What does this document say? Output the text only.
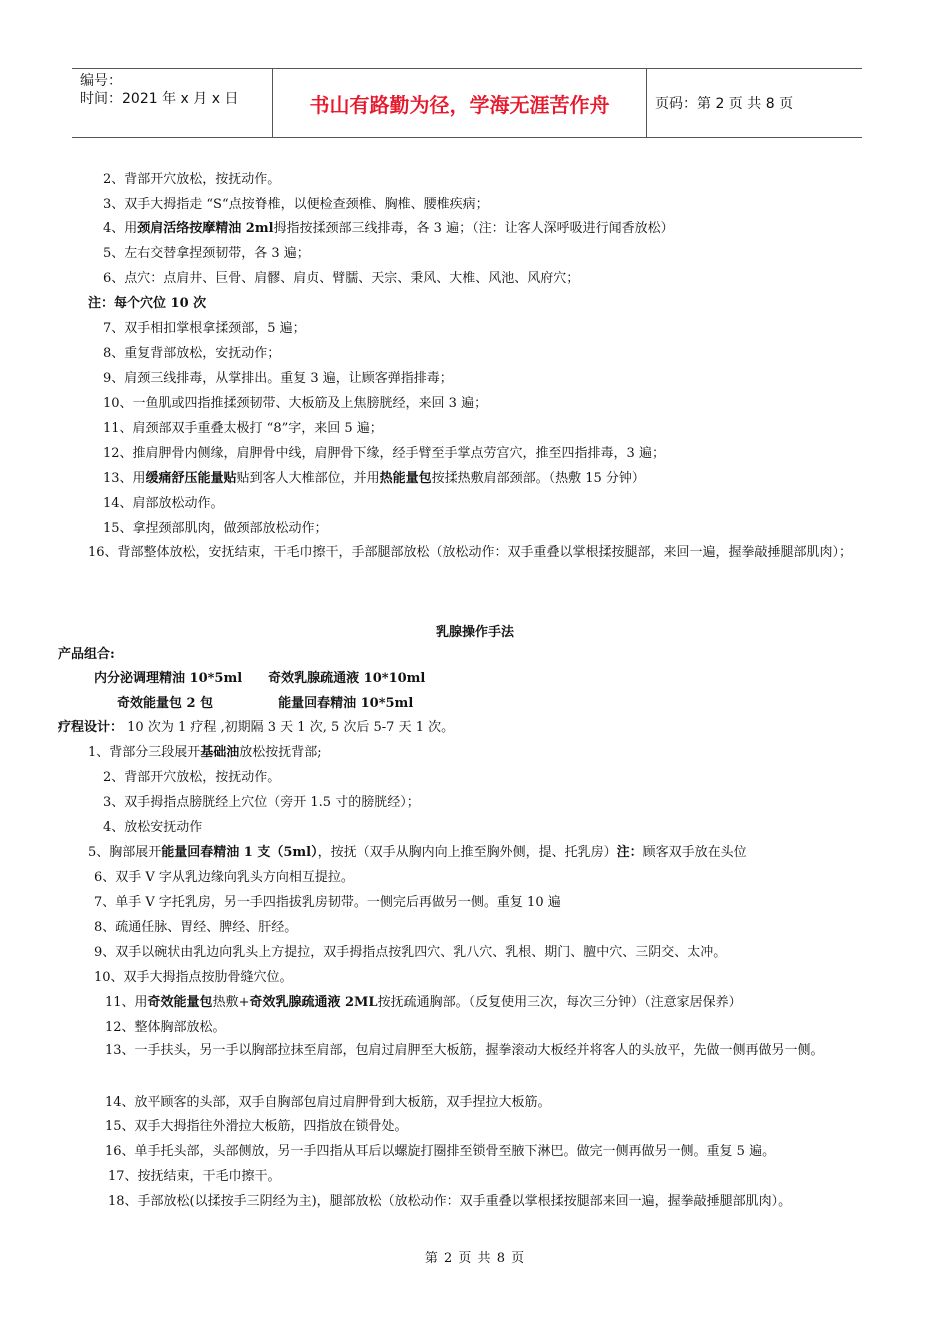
编号：
时间：2021 年 x 月 x 日	书山有路勤为径，学海无涯苦作舟	页码：第 2 页 共 8 页
2、背部开穴放松，按抚动作。
3、双手大拇指走 “S“点按脊椎，以便检查颈椎、胸椎、腰椎疾病；
4、用颈肩活络按摩精油 2ml拇指按揉颈部三线排毒，各 3 遍；（注：让客人深呼吸进行闻香放松）
5、左右交替拿捏颈韧带，各 3 遍；
6、点穴：点肩井、巨骨、肩髎、肩贞、臂臑、天宗、秉风、大椎、风池、风府穴；
注：每个穴位 10 次
7、双手相扣掌根拿揉颈部，5 遍；
8、重复背部放松，安抚动作；
9、肩颈三线排毒，从掌排出。重复 3 遍，让顾客弹指排毒；
10、一鱼肌或四指推揉颈韧带、大板筋及上焦膀胱经，来回 3 遍；
11、肩颈部双手重叠太极打 “8”字，来回 5 遍；
12、推肩胛骨内侧缘，肩胛骨中线，肩胛骨下缘，经手臂至手掌点劳宫穴，推至四指排毒，3 遍；
13、用缓痛舒压能量贴贴到客人大椎部位，并用热能量包按揉热敷肩部颈部。（热敷 15 分钟）
14、肩部放松动作。
15、拿捏颈部肌肉，做颈部放松动作；
16、背部整体放松，安抚结束，干毛巾擦干，手部腿部放松（放松动作：双手重叠以掌根揉按腿部，来回一遍，握拳敲捶腿部肌肉）；
乳腺操作手法
产品组合:
内分泌调理精油 10*5ml　　奇效乳腺疏通液 10*10ml
奇效能量包 2 包　　　　　能量回春精油 10*5ml
疗程设计： 10 次为 1 疗程 ,初期隔 3 天 1 次, 5 次后 5-7 天 1 次。
1、背部分三段展开基础油放松按抚背部;
2、背部开穴放松，按抚动作。
3、双手拇指点膀胱经上穴位（旁开 1.5 寸的膀胱经）；
4、放松安抚动作
5、胸部展开能量回春精油 1 支（5ml），按抚（双手从胸内向上推至胸外侧，提、托乳房）注：顾客双手放在头位
6、双手 V 字从乳边缘向乳头方向相互提拉。
7、单手 V 字托乳房，另一手四指拔乳房韧带。一侧完后再做另一侧。重复 10 遍
8、疏通任脉、胃经、脾经、肝经。
9、双手以碗状由乳边向乳头上方提拉，双手拇指点按乳四穴、乳八穴、乳根、期门、膻中穴、三阴交、太冲。
10、双手大拇指点按肋骨缝穴位。
11、用奇效能量包热敷+奇效乳腺疏通液 2ML按抚疏通胸部。（反复使用三次，每次三分钟）（注意家居保养）
12、整体胸部放松。
13、一手扶头，另一手以胸部拉抹至肩部，包肩过肩胛至大板筋，握拳滚动大板经并将客人的头放平，先做一侧再做另一侧。
14、放平顾客的头部，双手自胸部包肩过肩胛骨到大板筋，双手捏拉大板筋。
15、双手大拇指往外滑拉大板筋，四指放在锁骨处。
16、单手托头部，头部侧放，另一手四指从耳后以螺旋打圈排至锁骨至腋下淋巴。做完一侧再做另一侧。重复 5 遍。
17、按抚结束，干毛巾擦干。
18、手部放松(以揉按手三阴经为主)，腿部放松（放松动作：双手重叠以掌根揉按腿部来回一遍，握拳敲捶腿部肌肉）。
第 2 页 共 8 页
